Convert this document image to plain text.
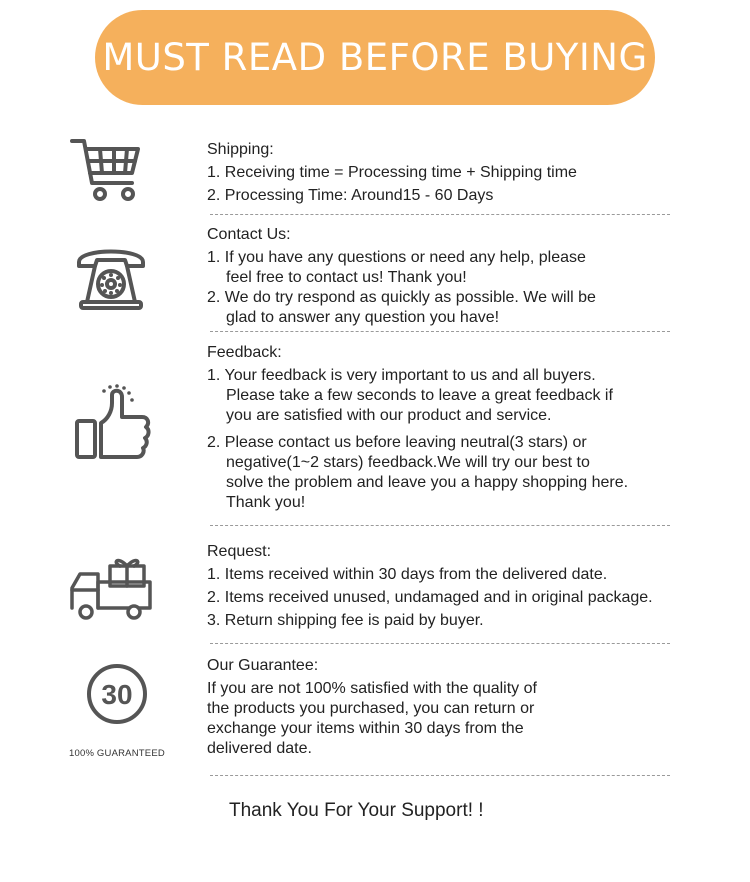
MUST READ BEFORE BUYING
Shipping:
1. Receiving time = Processing time + Shipping time
2. Processing Time: Around15 - 60 Days
Contact Us:
1. If you have any questions or need any help, please
feel free to contact us! Thank you!
2. We do try respond as quickly as possible. We will be
glad to answer any question you have!
Feedback:
1. Your feedback is very important to us and all buyers.
Please take a few seconds to leave a great feedback if
you are satisfied with our product and service.
2. Please contact us before leaving neutral(3 stars) or
negative(1~2 stars) feedback.We will try our best to
solve the problem and leave you a happy shopping here.
Thank you!
Request:
1. Items received within 30 days from the delivered date.
2. Items received unused, undamaged and in original package.
3. Return shipping fee is paid by buyer.
30
100% GUARANTEED
Our Guarantee:
If you are not 100% satisfied with the quality of
the products you purchased, you can return or
exchange your items within 30 days from the
delivered date.
Thank You For Your Support! !
